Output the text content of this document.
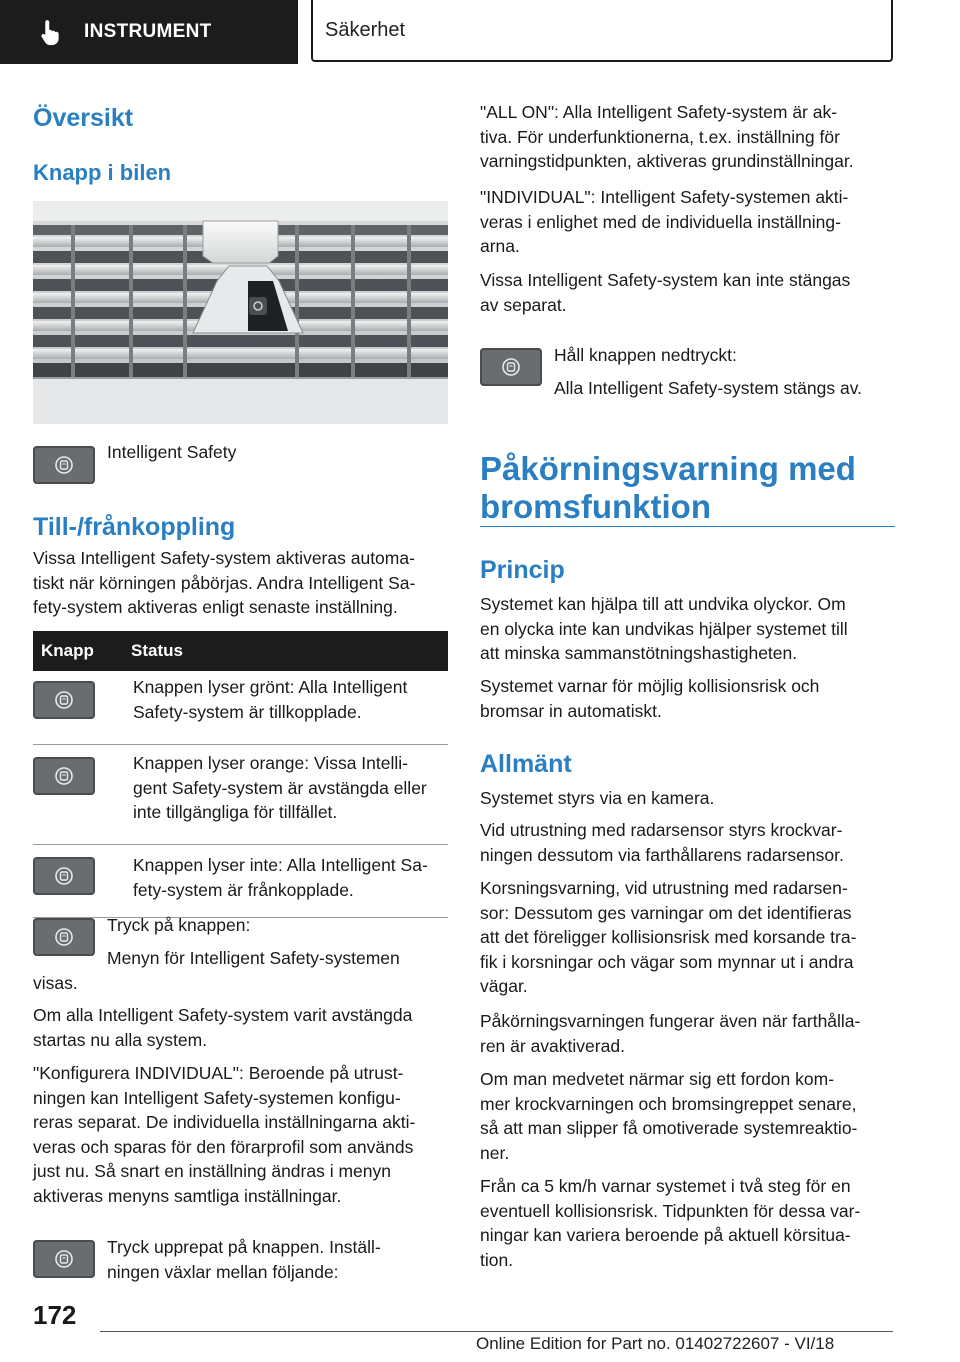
INSTRUMENT	Säkerhet
Översikt
Knapp i bilen

Intelligent Safety

Till-/frånkoppling

Vissa Intelligent Safety-system aktiveras automa-

tiskt när körningen påbörjas. Andra Intelligent Sa-

fety-system aktiveras enligt senaste inställning.

Knapp	Status

Knappen lyser grönt: Alla Intelligent

Safety-system är tillkopplade.

Knappen lyser orange: Vissa Intelli-

gent Safety-system är avstängda eller

inte tillgängliga för tillfället.

Knappen lyser inte: Alla Intelligent Sa-

fety-system är frånkopplade.

Tryck på knappen:

Menyn för Intelligent Safety-systemen

visas.

Om alla Intelligent Safety-system varit avstängda

startas nu alla system.

"Konfigurera INDIVIDUAL": Beroende på utrust-

ningen kan Intelligent Safety-systemen konfigu-

reras separat. De individuella inställningarna akti-

veras och sparas för den förarprofil som används

just nu. Så snart en inställning ändras i menyn

aktiveras menyns samtliga inställningar.

Tryck upprepat på knappen. Inställ-

ningen växlar mellan följande:

"ALL ON": Alla Intelligent Safety-system är ak-

tiva. För underfunktionerna, t.ex. inställning för

varningstidpunkten, aktiveras grundinställningar.

"INDIVIDUAL": Intelligent Safety-systemen akti-

veras i enlighet med de individuella inställning-

arna.

Vissa Intelligent Safety-system kan inte stängas

av separat.

Håll knappen nedtryckt:

Alla Intelligent Safety-system stängs av.

Påkörningsvarning med
bromsfunktion
Princip

Systemet kan hjälpa till att undvika olyckor. Om

en olycka inte kan undvikas hjälper systemet till

att minska sammanstötningshastigheten.

Systemet varnar för möjlig kollisionsrisk och

bromsar in automatiskt.

Allmänt

Systemet styrs via en kamera.

Vid utrustning med radarsensor styrs krockvar-

ningen dessutom via farthållarens radarsensor.

Korsningsvarning, vid utrustning med radarsen-

sor: Dessutom ges varningar om det identifieras

att det föreligger kollisionsrisk med korsande tra-

fik i korsningar och vägar som mynnar ut i andra

vägar.

Påkörningsvarningen fungerar även när farthålla-

ren är avaktiverad.

Om man medvetet närmar sig ett fordon kom-

mer krockvarningen och bromsingreppet senare,

så att man slipper få omotiverade systemreaktio-

ner.

Från ca 5 km/h varnar systemet i två steg för en

eventuell kollisionsrisk. Tidpunkten för dessa var-

ningar kan variera beroende på aktuell körsitua-

tion.

172
Online Edition for Part no. 01402722607 - VI/18
